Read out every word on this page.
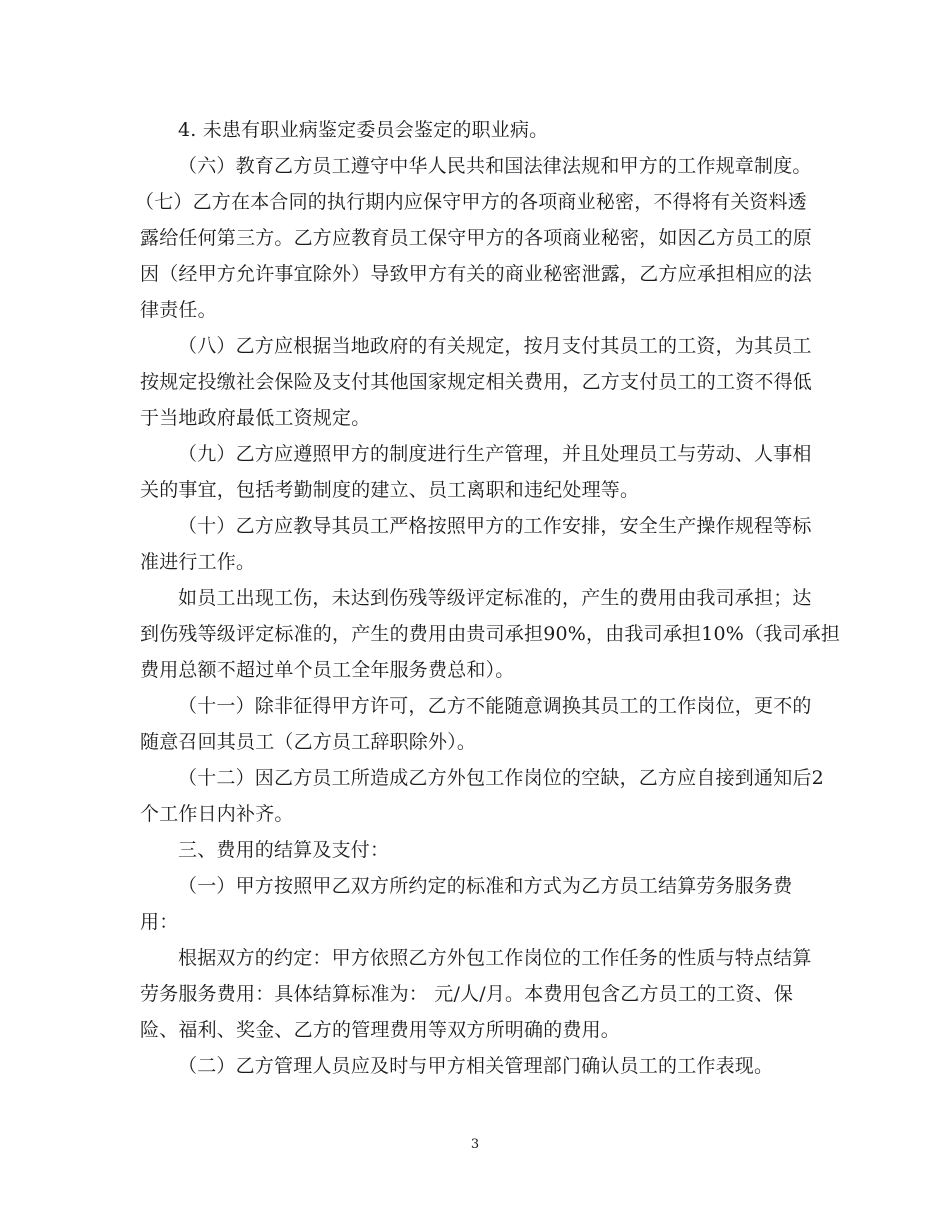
4. 未患有职业病鉴定委员会鉴定的职业病。
（六）教育乙方员工遵守中华人民共和国法律法规和甲方的工作规章制度。
（七）乙方在本合同的执行期内应保守甲方的各项商业秘密，不得将有关资料透
露给任何第三方。乙方应教育员工保守甲方的各项商业秘密，如因乙方员工的原
因（经甲方允许事宜除外）导致甲方有关的商业秘密泄露，乙方应承担相应的法
律责任。
（八）乙方应根据当地政府的有关规定，按月支付其员工的工资，为其员工
按规定投缴社会保险及支付其他国家规定相关费用，乙方支付员工的工资不得低
于当地政府最低工资规定。
（九）乙方应遵照甲方的制度进行生产管理，并且处理员工与劳动、人事相
关的事宜，包括考勤制度的建立、员工离职和违纪处理等。
（十）乙方应教导其员工严格按照甲方的工作安排，安全生产操作规程等标
准进行工作。
如员工出现工伤，未达到伤残等级评定标准的，产生的费用由我司承担；达
到伤残等级评定标准的，产生的费用由贵司承担90%，由我司承担10%（我司承担
费用总额不超过单个员工全年服务费总和）。
（十一）除非征得甲方许可，乙方不能随意调换其员工的工作岗位，更不的
随意召回其员工（乙方员工辞职除外）。
（十二）因乙方员工所造成乙方外包工作岗位的空缺，乙方应自接到通知后2
个工作日内补齐。
三、费用的结算及支付：
（一）甲方按照甲乙双方所约定的标准和方式为乙方员工结算劳务服务费
用：
根据双方的约定：甲方依照乙方外包工作岗位的工作任务的性质与特点结算
劳务服务费用：具体结算标准为： 元/人/月。本费用包含乙方员工的工资、保
险、福利、奖金、乙方的管理费用等双方所明确的费用。
（二）乙方管理人员应及时与甲方相关管理部门确认员工的工作表现。
3
